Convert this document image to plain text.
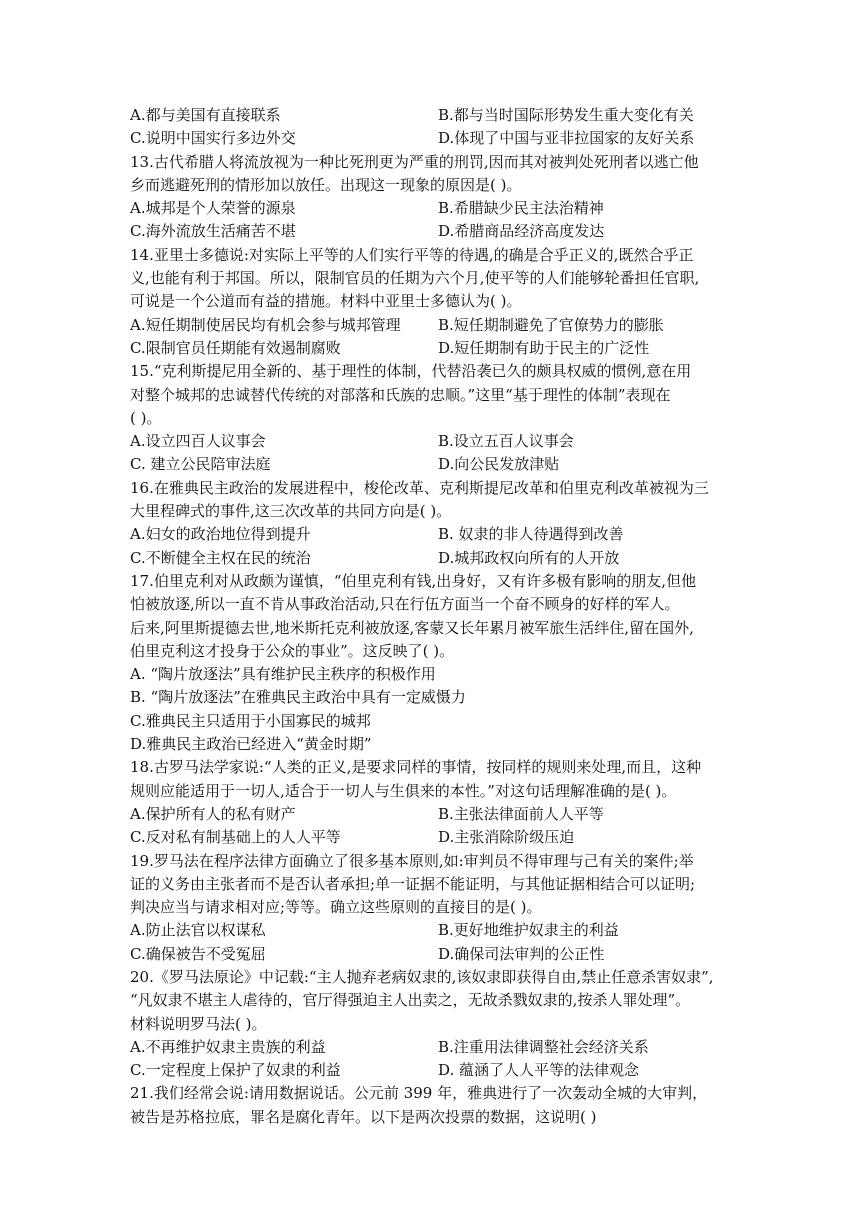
A.都与美国有直接联系	B.都与当时国际形势发生重大变化有关
C.说明中国实行多边外交	D.体现了中国与亚非拉国家的友好关系
13.古代希腊人将流放视为一种比死刑更为严重的刑罚,因而其对被判处死刑者以逃亡他
乡而逃避死刑的情形加以放任。出现这一现象的原因是( )。
A.城邦是个人荣誉的源泉	B.希腊缺少民主法治精神
C.海外流放生活痛苦不堪	D.希腊商品经济高度发达
14.亚里士多德说:对实际上平等的人们实行平等的待遇,的确是合乎正义的,既然合乎正
义,也能有利于邦国。所以，限制官员的任期为六个月,使平等的人们能够轮番担任官职,
可说是一个公道而有益的措施。材料中亚里士多德认为( )。
A.短任期制使居民均有机会参与城邦管理	B.短任期制避免了官僚势力的膨胀
C.限制官员任期能有效遏制腐败	D.短任期制有助于民主的广泛性
15.“克利斯提尼用全新的、基于理性的体制，代替沿袭已久的颇具权威的惯例,意在用
对整个城邦的忠诚替代传统的对部落和氏族的忠顺。”这里“基于理性的体制”表现在
( )。
A.设立四百人议事会	B.设立五百人议事会
C. 建立公民陪审法庭	D.向公民发放津贴
16.在雅典民主政治的发展进程中，梭伦改革、克利斯提尼改革和伯里克利改革被视为三
大里程碑式的事件,这三次改革的共同方向是( )。
A.妇女的政治地位得到提升	B. 奴隶的非人待遇得到改善
C.不断健全主权在民的统治	D.城邦政权向所有的人开放
17.伯里克利对从政颇为谨慎，“伯里克利有钱,出身好，又有许多极有影响的朋友,但他
怕被放逐,所以一直不肯从事政治活动,只在行伍方面当一个奋不顾身的好样的军人。
后来,阿里斯提德去世,地米斯托克利被放逐,客蒙又长年累月被军旅生活绊住,留在国外,
伯里克利这才投身于公众的事业”。这反映了( )。
A. “陶片放逐法”具有维护民主秩序的积极作用
B. “陶片放逐法”在雅典民主政治中具有一定威慑力
C.雅典民主只适用于小国寡民的城邦
D.雅典民主政治已经进入“黄金时期”
18.古罗马法学家说:“人类的正义,是要求同样的事情，按同样的规则来处理,而且，这种
规则应能适用于一切人,适合于一切人与生俱来的本性。”对这句话理解准确的是( )。
A.保护所有人的私有财产	B.主张法律面前人人平等
C.反对私有制基础上的人人平等	D.主张消除阶级压迫
19.罗马法在程序法律方面确立了很多基本原则,如:审判员不得审理与己有关的案件;举
证的义务由主张者而不是否认者承担;单一证据不能证明，与其他证据相结合可以证明;
判决应当与请求相对应;等等。确立这些原则的直接目的是( )。
A.防止法官以权谋私	B.更好地维护奴隶主的利益
C.确保被告不受冤屈	D.确保司法审判的公正性
20.《罗马法原论》中记载:“主人抛弃老病奴隶的,该奴隶即获得自由,禁止任意杀害奴隶”,
“凡奴隶不堪主人虐待的，官厅得强迫主人出卖之，无故杀戮奴隶的,按杀人罪处理”。
材料说明罗马法( )。
A.不再维护奴隶主贵族的利益	B.注重用法律调整社会经济关系
C.一定程度上保护了奴隶的利益	D. 蕴涵了人人平等的法律观念
21.我们经常会说:请用数据说话。公元前 399 年，雅典进行了一次轰动全城的大审判，
被告是苏格拉底，罪名是腐化青年。以下是两次投票的数据，这说明( )
